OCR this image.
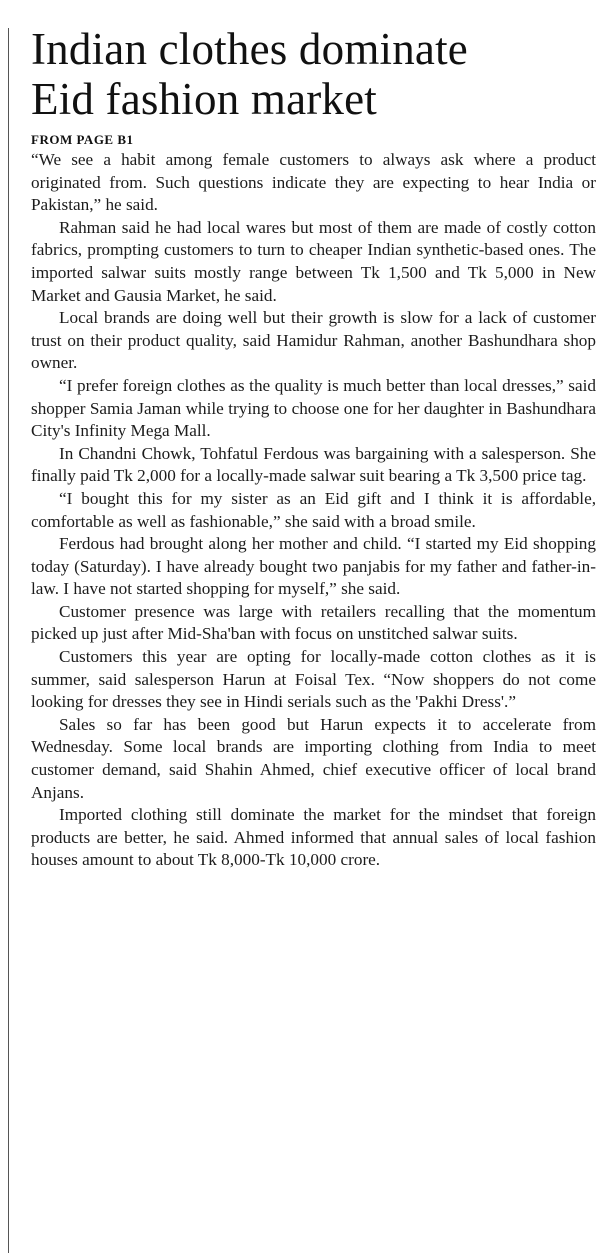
Indian clothes dominate
Eid fashion market
FROM PAGE B1

“We see a habit among female customers to always ask where a product originated from. Such questions indicate they are expecting to hear India or Pakistan,” he said.

Rahman said he had local wares but most of them are made of costly cotton fabrics, prompting customers to turn to cheaper Indian synthetic-based ones. The imported salwar suits mostly range between Tk 1,500 and Tk 5,000 in New Market and Gausia Market, he said.

Local brands are doing well but their growth is slow for a lack of customer trust on their product quality, said Hamidur Rahman, another Bashundhara shop owner.

“I prefer foreign clothes as the quality is much better than local dresses,” said shopper Samia Jaman while trying to choose one for her daughter in Bashundhara City's Infinity Mega Mall.

In Chandni Chowk, Tohfatul Ferdous was bargaining with a salesperson. She finally paid Tk 2,000 for a locally-made salwar suit bearing a Tk 3,500 price tag.

“I bought this for my sister as an Eid gift and I think it is affordable, comfortable as well as fashionable,” she said with a broad smile.

Ferdous had brought along her mother and child. “I started my Eid shopping today (Saturday). I have already bought two panjabis for my father and father-in-law. I have not started shopping for myself,” she said.

Customer presence was large with retailers recalling that the momentum picked up just after Mid-Sha'ban with focus on unstitched salwar suits.

Customers this year are opting for locally-made cotton clothes as it is summer, said salesperson Harun at Foisal Tex. “Now shoppers do not come looking for dresses they see in Hindi serials such as the 'Pakhi Dress'.”

Sales so far has been good but Harun expects it to accelerate from Wednesday. Some local brands are importing clothing from India to meet customer demand, said Shahin Ahmed, chief executive officer of local brand Anjans.

Imported clothing still dominate the market for the mindset that foreign products are better, he said. Ahmed informed that annual sales of local fashion houses amount to about Tk 8,000-Tk 10,000 crore.
